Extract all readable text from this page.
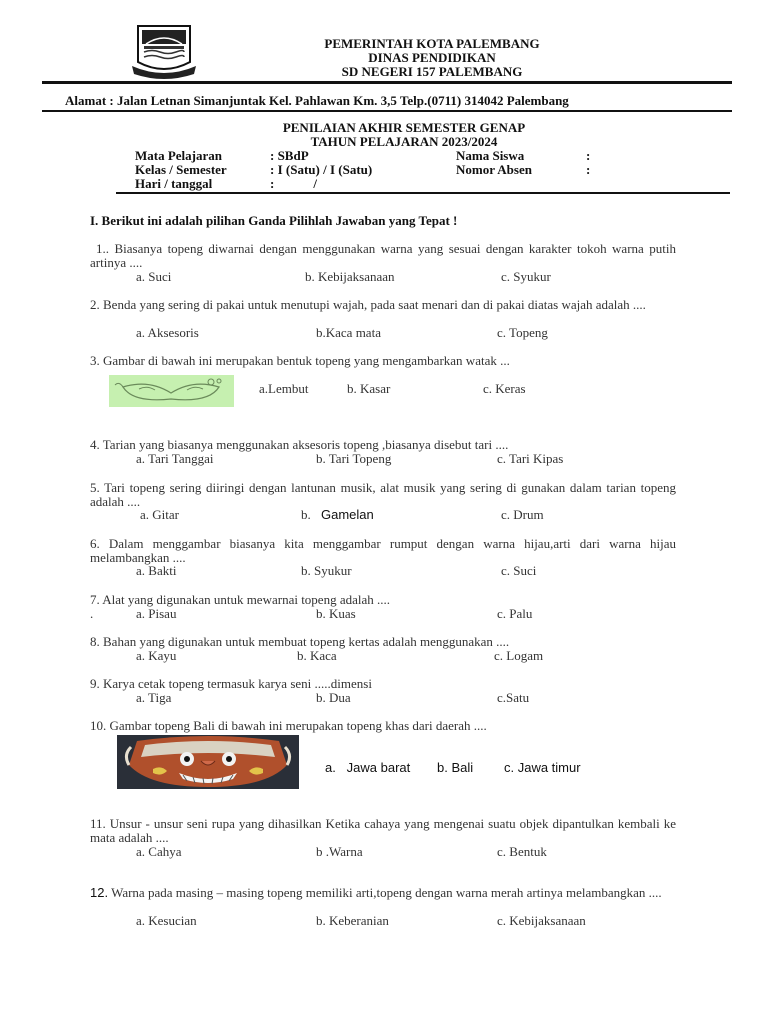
PEMERINTAH KOTA PALEMBANG
DINAS PENDIDIKAN
SD NEGERI 157 PALEMBANG
Alamat : Jalan Letnan Simanjuntak Kel. Pahlawan Km. 3,5 Telp.(0711) 314042 Palembang
PENILAIAN AKHIR SEMESTER GENAP
TAHUN PELAJARAN 2023/2024
Mata Pelajaran	: SBdP	Nama Siswa	:
Kelas / Semester	: I (Satu) / I (Satu)	Nomor Absen	:
Hari / tanggal	:            /
I. Berikut ini adalah pilihan Ganda Pilihlah Jawaban yang Tepat !
1.. Biasanya topeng diwarnai dengan menggunakan warna yang sesuai dengan karakter tokoh warna putih artinya ....
a. Suci	b. Kebijaksanaan	c. Syukur
2. Benda yang sering di pakai untuk menutupi wajah, pada saat menari dan di pakai diatas wajah adalah ....
a. Aksesoris	b.Kaca mata	c. Topeng
3. Gambar di bawah ini merupakan bentuk topeng yang mengambarkan watak ...
a.Lembut	b. Kasar	c. Keras
4. Tarian yang biasanya menggunakan aksesoris topeng ,biasanya disebut tari ....
a. Tari Tanggai	b. Tari Topeng	c. Tari Kipas
5. Tari topeng sering diiringi dengan lantunan musik, alat musik yang sering di gunakan dalam tarian topeng adalah ....
a. Gitar	b. Gamelan	c. Drum
6. Dalam menggambar biasanya kita menggambar rumput dengan warna hijau,arti dari warna hijau melambangkan ....
a. Bakti	b. Syukur	c. Suci
7. Alat yang digunakan untuk mewarnai topeng adalah ....
.	a. Pisau	b. Kuas	c. Palu
8. Bahan yang digunakan untuk membuat topeng kertas adalah menggunakan ....
a. Kayu	b. Kaca	c. Logam
9. Karya cetak topeng termasuk karya seni .....dimensi
a. Tiga	b. Dua	c.Satu
10. Gambar topeng Bali di bawah ini merupakan topeng khas dari daerah ....
a.   Jawa barat b. Bali c. Jawa timur
11. Unsur - unsur seni rupa yang dihasilkan Ketika cahaya yang mengenai suatu objek dipantulkan kembali ke mata adalah ....
a. Cahya	b .Warna	c. Bentuk
12. Warna pada masing – masing topeng memiliki arti,topeng dengan warna merah artinya melambangkan ....
a. Kesucian	b. Keberanian	c. Kebijaksanaan
